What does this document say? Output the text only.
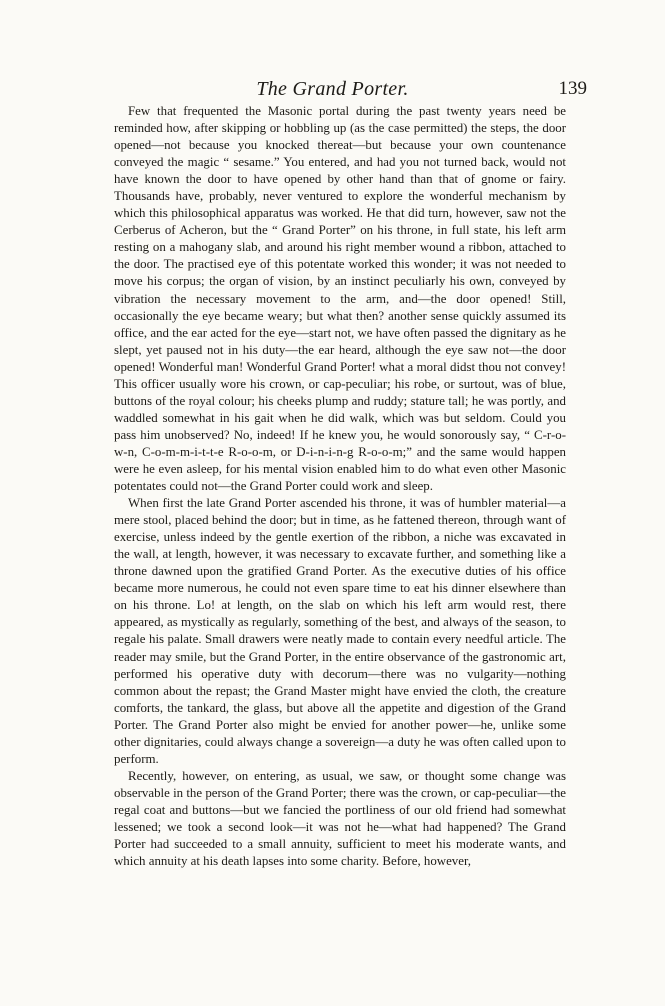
The Grand Porter.	139

Few that frequented the Masonic portal during the past twenty years need be reminded how, after skipping or hobbling up (as the case permitted) the steps, the door opened—not because you knocked thereat—but because your own countenance conveyed the magic “ sesame.” You entered, and had you not turned back, would not have known the door to have opened by other hand than that of gnome or fairy. Thousands have, probably, never ventured to explore the wonderful mechanism by which this philosophical apparatus was worked. He that did turn, however, saw not the Cerberus of Acheron, but the “ Grand Porter” on his throne, in full state, his left arm resting on a mahogany slab, and around his right member wound a ribbon, attached to the door. The practised eye of this potentate worked this wonder; it was not needed to move his corpus; the organ of vision, by an instinct peculiarly his own, conveyed by vibration the necessary movement to the arm, and—the door opened! Still, occasionally the eye became weary; but what then? another sense quickly assumed its office, and the ear acted for the eye—start not, we have often passed the dignitary as he slept, yet paused not in his duty—the ear heard, although the eye saw not—the door opened! Wonderful man! Wonderful Grand Porter! what a moral didst thou not convey! This officer usually wore his crown, or cap-peculiar; his robe, or surtout, was of blue, buttons of the royal colour; his cheeks plump and ruddy; stature tall; he was portly, and waddled somewhat in his gait when he did walk, which was but seldom. Could you pass him unobserved? No, indeed! If he knew you, he would sonorously say, “ C-r-o-w-n, C-o-m-m-i-t-t-e R-o-o-m, or D-i-n-i-n-g R-o-o-m;” and the same would happen were he even asleep, for his mental vision enabled him to do what even other Masonic potentates could not—the Grand Porter could work and sleep.

When first the late Grand Porter ascended his throne, it was of humbler material—a mere stool, placed behind the door; but in time, as he fattened thereon, through want of exercise, unless indeed by the gentle exertion of the ribbon, a niche was excavated in the wall, at length, however, it was necessary to excavate further, and something like a throne dawned upon the gratified Grand Porter. As the executive duties of his office became more numerous, he could not even spare time to eat his dinner elsewhere than on his throne. Lo! at length, on the slab on which his left arm would rest, there appeared, as mystically as regularly, something of the best, and always of the season, to regale his palate. Small drawers were neatly made to contain every needful article. The reader may smile, but the Grand Porter, in the entire observance of the gastronomic art, performed his operative duty with decorum—there was no vulgarity—nothing common about the repast; the Grand Master might have envied the cloth, the creature comforts, the tankard, the glass, but above all the appetite and digestion of the Grand Porter. The Grand Porter also might be envied for another power—he, unlike some other dignitaries, could always change a sovereign—a duty he was often called upon to perform.

Recently, however, on entering, as usual, we saw, or thought some change was observable in the person of the Grand Porter; there was the crown, or cap-peculiar—the regal coat and buttons—but we fancied the portliness of our old friend had somewhat lessened; we took a second look—it was not he—what had happened? The Grand Porter had succeeded to a small annuity, sufficient to meet his moderate wants, and which annuity at his death lapses into some charity. Before, however,
